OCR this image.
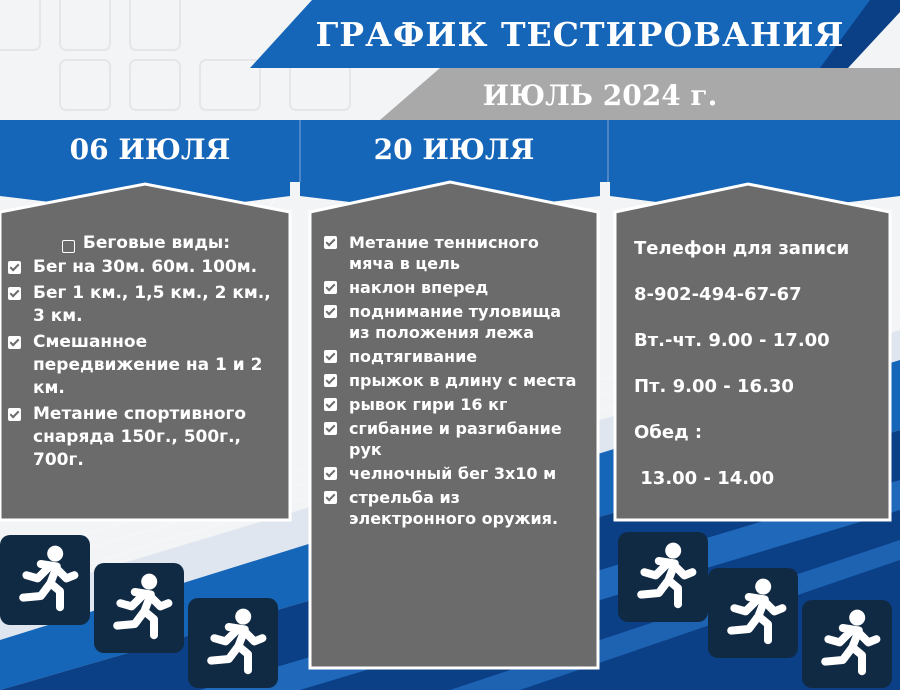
ГРАФИК ТЕСТИРОВАНИЯ
ИЮЛЬ 2024 г.
06 ИЮЛЯ	20 ИЮЛЯ
Беговые виды:
Бег на 30м. 60м. 100м.
Бег 1 км., 1,5 км., 2 км., 3 км.
Смешанное передвижение на 1 и 2 км.
Метание спортивного снаряда 150г., 500г., 700г.
Метание теннисного мяча в цель
наклон вперед
поднимание туловища из положения лежа
подтягивание
прыжок в длину с места
рывок гири 16 кг
сгибание и разгибание рук
челночный бег 3х10 м
стрельба из электронного оружия.
Телефон для записи
8-902-494-67-67
Вт.-чт. 9.00 - 17.00
Пт. 9.00 - 16.30
Обед :
13.00 - 14.00
